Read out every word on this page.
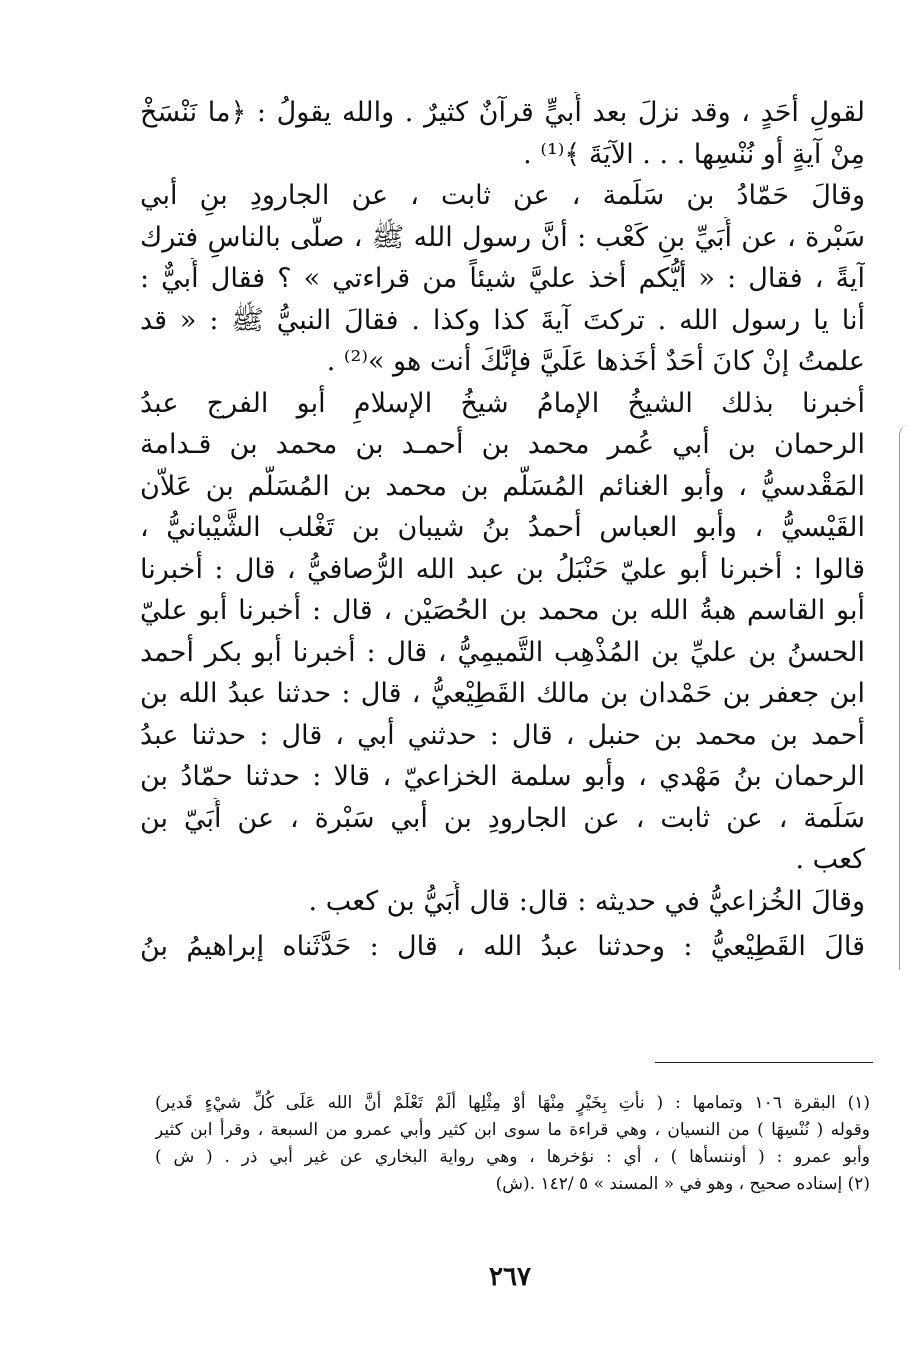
لقولِ أحَدٍ ، وقد نزلَ بعد أُبيٍّ قرآنٌ كثيرٌ . والله يقولُ : ﴿ما نَنْسَخْ
مِنْ آيةٍ أو نُنْسِها . . . الآيَةَ ﴾⁽¹⁾ .
وقالَ حَمّادُ بن سَلَمة ، عن ثابت ، عن الجارودِ بنِ أبي
سَبْرة ، عن أُبَيِّ بنِ كَعْب : أنَّ رسول الله ﷺ ، صلّى بالناسِ فترك
آيةً ، فقال : « أيُّكم أخذ عليَّ شيئاً من قراءتي » ؟ فقال أُبيٌّ :
أنا يا رسول الله . تركتَ آيةَ كذا وكذا . فقالَ النبيُّ ﷺ : « قد
علمتُ إنْ كانَ أحَدٌ أخَذها عَلَيَّ فإنَّكَ أنت هو »⁽²⁾ .
أخبرنا بذلك الشيخُ الإمامُ شيخُ الإسلامِ أبو الفرج عبدُ
الرحمان بن أبي عُمر محمد بن أحمـد بن محمد بن قـدامة
المَقْدسيُّ ، وأبو الغنائم المُسَلَّم بن محمد بن المُسَلَّم بن عَلاّن
القَيْسيُّ ، وأبو العباس أحمدُ بنُ شيبان بن تَغْلب الشَّيْبانيُّ ،
قالوا : أخبرنا أبو عليّ حَنْبَلُ بن عبد الله الرُّصافيُّ ، قال : أخبرنا
أبو القاسم هبةُ الله بن محمد بن الحُصَيْن ، قال : أخبرنا أبو عليّ
الحسنُ بن عليِّ بن المُذْهِب التَّميمِيُّ ، قال : أخبرنا أبو بكر أحمد
ابن جعفر بن حَمْدان بن مالك القَطِيْعيُّ ، قال : حدثنا عبدُ الله بن
أحمد بن محمد بن حنبل ، قال : حدثني أبي ، قال : حدثنا عبدُ
الرحمان بنُ مَهْدي ، وأبو سلمة الخزاعيّ ، قالا : حدثنا حمّادُ بن
سَلَمة ، عن ثابت ، عن الجارودِ بن أبي سَبْرة ، عن أُبَيّ بن
كعب .
وقالَ الخُزاعيُّ في حديثه : قال: قال أُبَيُّ بن كعب .
قالَ القَطِيْعيُّ : وحدثنا عبدُ الله ، قال : حَدَّثَناه إبراهيمُ بنُ
(١) البقرة ١٠٦ وتمامها : ( نأْتِ بِخَيْرٍ مِنْهَا أوْ مِثْلِها ألَمْ تَعْلَمْ أنَّ الله عَلَى كُلِّ شيْءٍ قَدير)
وقوله ( نُنْسِهَا ) من النسيان ، وهي قراءة ما سوى ابن كثير وأبي عمرو من السبعة ، وقرأ ابن كثير
وأبو عمرو : ( أوننسأها ) ، أي : نؤخرها ، وهي رواية البخاري عن غير أبي ذر . ( ش )
(٢) إسناده صحيح ، وهو في « المسند » ٥ /١٤٢ .(ش)
٢٦٧
